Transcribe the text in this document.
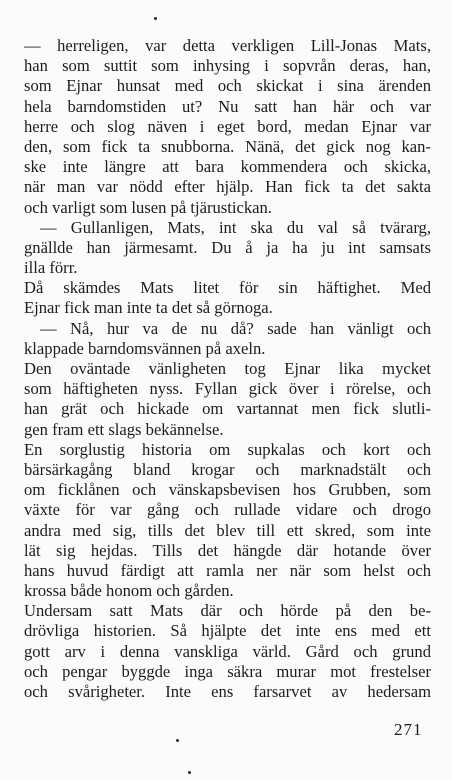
— herreligen, var detta verkligen Lill-Jonas Mats,
han som suttit som inhysing i sopvrån deras, han,
som Ejnar hunsat med och skickat i sina ärenden
hela barndomstiden ut? Nu satt han här och var
herre och slog näven i eget bord, medan Ejnar var
den, som fick ta snubborna. Nänä, det gick nog kan-
ske inte längre att bara kommendera och skicka,
när man var nödd efter hjälp. Han fick ta det sakta
och varligt som lusen på tjärustickan.
— Gullanligen, Mats, int ska du val så tvärarg,
gnällde han järmesamt. Du å ja ha ju int samsats
illa förr.
Då skämdes Mats litet för sin häftighet. Med
Ejnar fick man inte ta det så görnoga.
— Nå, hur va de nu då? sade han vänligt och
klappade barndomsvännen på axeln.
Den oväntade vänligheten tog Ejnar lika mycket
som häftigheten nyss. Fyllan gick över i rörelse, och
han grät och hickade om vartannat men fick slutli-
gen fram ett slags bekännelse.
En sorglustig historia om supkalas och kort och
bärsärkagång bland krogar och marknadstält och
om ficklånen och vänskapsbevisen hos Grubben, som
växte för var gång och rullade vidare och drogo
andra med sig, tills det blev till ett skred, som inte
lät sig hejdas. Tills det hängde där hotande över
hans huvud färdigt att ramla ner när som helst och
krossa både honom och gården.
Undersam satt Mats där och hörde på den be-
drövliga historien. Så hjälpte det inte ens med ett
gott arv i denna vanskliga värld. Gård och grund
och pengar byggde inga säkra murar mot frestelser
och svårigheter. Inte ens farsarvet av hedersam
271
